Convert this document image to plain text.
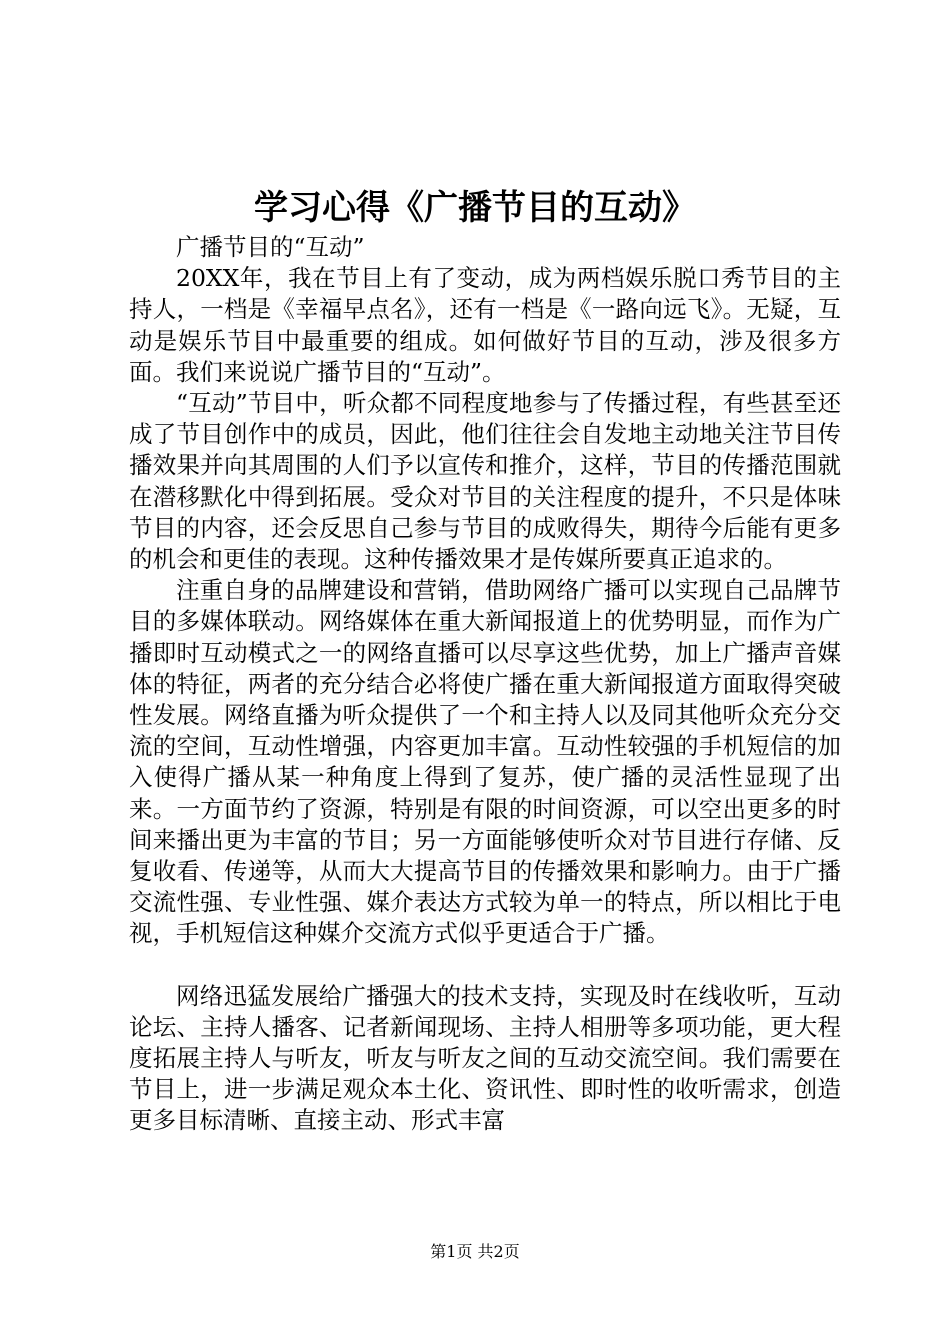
学习心得《广播节目的互动》

广播节目的“互动”

20XX年，我在节目上有了变动，成为两档娱乐脱口秀节目的主持人，一档是《幸福早点名》，还有一档是《一路向远飞》。无疑，互动是娱乐节目中最重要的组成。如何做好节目的互动，涉及很多方面。我们来说说广播节目的“互动”。

“互动”节目中，听众都不同程度地参与了传播过程，有些甚至还成了节目创作中的成员，因此，他们往往会自发地主动地关注节目传播效果并向其周围的人们予以宣传和推介，这样，节目的传播范围就在潜移默化中得到拓展。受众对节目的关注程度的提升，不只是体味节目的内容，还会反思自己参与节目的成败得失，期待今后能有更多的机会和更佳的表现。这种传播效果才是传媒所要真正追求的。

注重自身的品牌建设和营销，借助网络广播可以实现自己品牌节目的多媒体联动。网络媒体在重大新闻报道上的优势明显，而作为广播即时互动模式之一的网络直播可以尽享这些优势，加上广播声音媒体的特征，两者的充分结合必将使广播在重大新闻报道方面取得突破性发展。网络直播为听众提供了一个和主持人以及同其他听众充分交流的空间，互动性增强，内容更加丰富。互动性较强的手机短信的加入使得广播从某一种角度上得到了复苏，使广播的灵活性显现了出来。一方面节约了资源，特别是有限的时间资源，可以空出更多的时间来播出更为丰富的节目；另一方面能够使听众对节目进行存储、反复收看、传递等，从而大大提高节目的传播效果和影响力。由于广播交流性强、专业性强、媒介表达方式较为单一的特点，所以相比于电视，手机短信这种媒介交流方式似乎更适合于广播。

网络迅猛发展给广播强大的技术支持，实现及时在线收听，互动论坛、主持人播客、记者新闻现场、主持人相册等多项功能，更大程度拓展主持人与听友，听友与听友之间的互动交流空间。我们需要在节目上，进一步满足观众本土化、资讯性、即时性的收听需求，创造更多目标清晰、直接主动、形式丰富

第1页 共2页
